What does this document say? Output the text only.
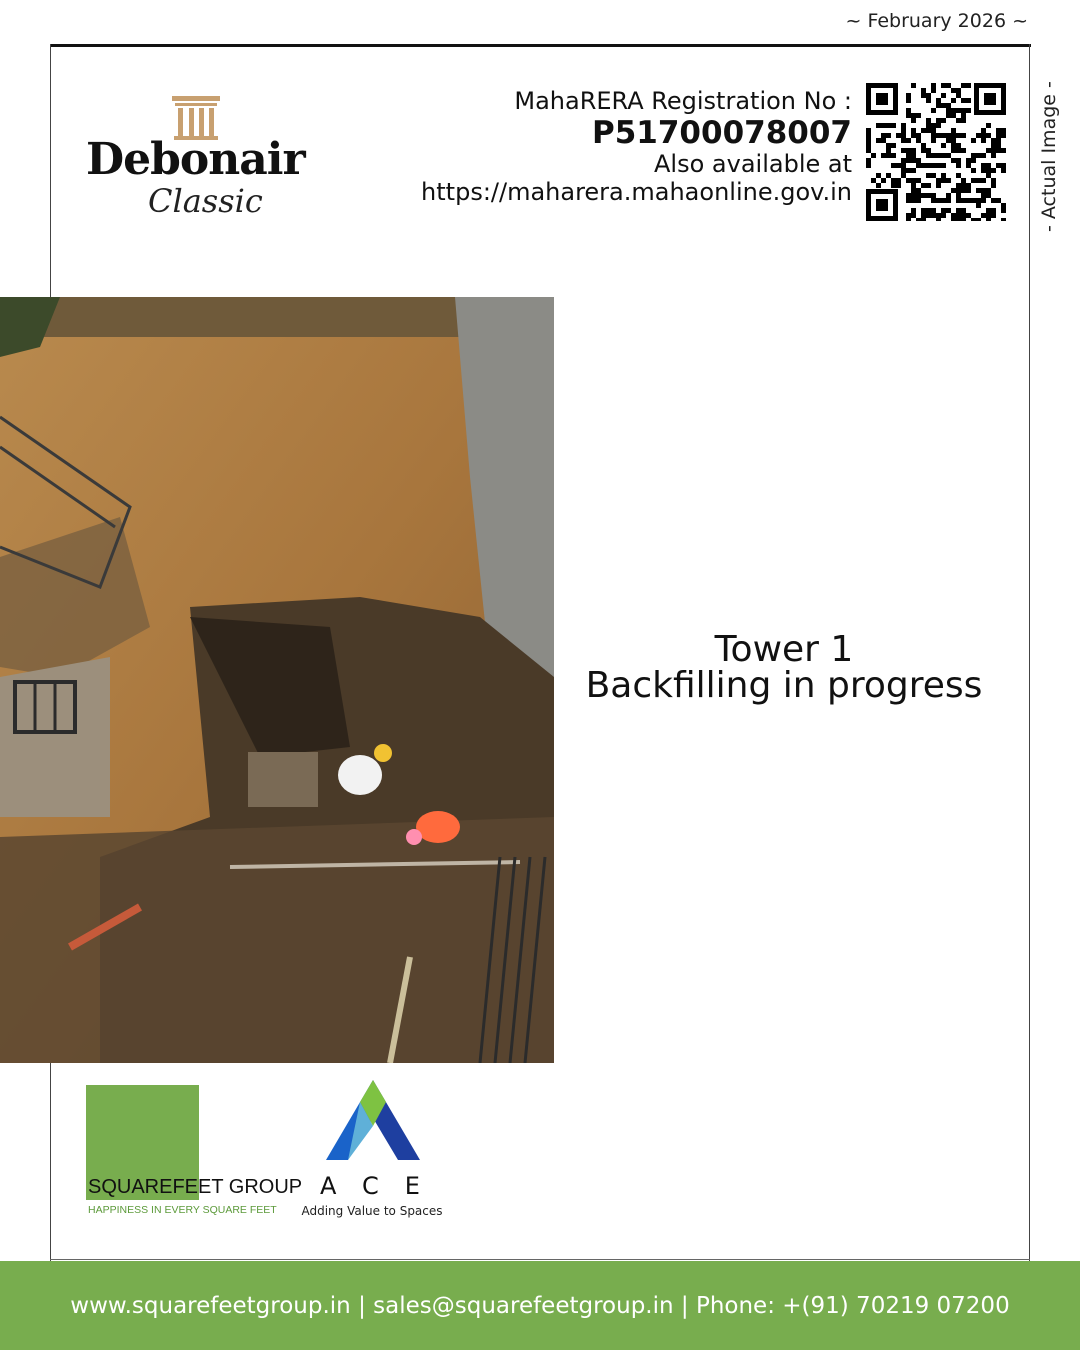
~ February 2026 ~
- Actual Image -
Debonair
Classic
MahaRERA Registration No :
P51700078007
Also available at
https://maharera.mahaonline.gov.in
Tower 1
Backfilling in progress
SQUAREFEET GROUP
HAPPINESS IN EVERY SQUARE FEET
ACE
Adding Value to Spaces
www.squarefeetgroup.in | sales@squarefeetgroup.in | Phone: +(91) 70219 07200
